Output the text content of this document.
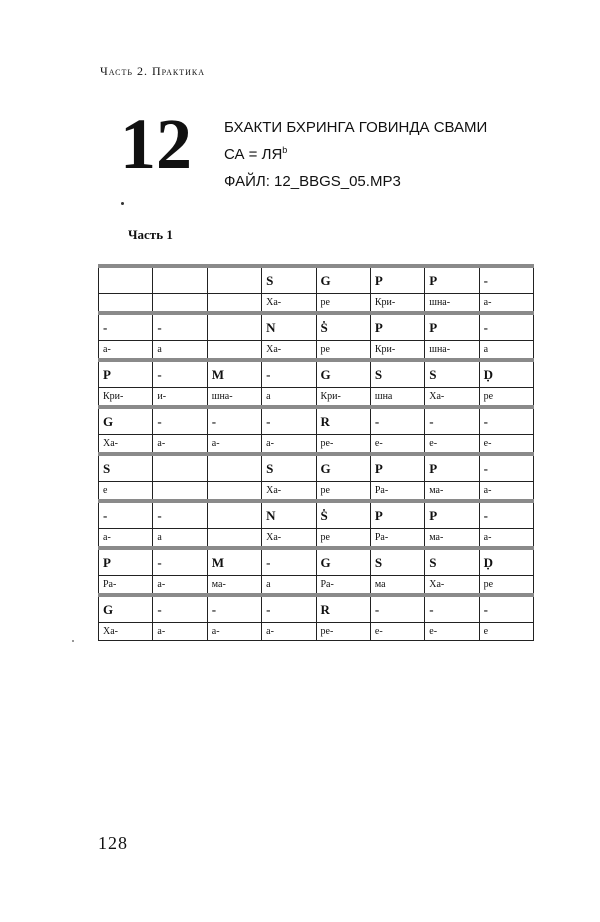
Часть 2. Практика
12 БХАКТИ БХРИНГА ГОВИНДА СВАМИ
СА = $ЛЯ^b$
ФАЙЛ: 12_BBGS_05.MP3
Часть 1
			S	G	P	P	-
			Ха-	ре	Кри-	шна-	а-
-	-		N	Ṡ	P	P	-
а-	а		Ха-	ре	Кри-	шна-	а
P	-	M	-	G	S	S	Ḍ
Кри-	и-	шна-	а	Кри-	шна	Ха-	ре
G	-	-	-	R	-	-	-
Ха-	а-	а-	а-	ре-	е-	е-	е-
S			S	G	P	P	-
е			Ха-	ре	Ра-	ма-	а-
-	-		N	Ṡ	P	P	-
а-	а		Ха-	ре	Ра-	ма-	а-
P	-	M	-	G	S	S	Ḍ
Ра-	а-	ма-	а	Ра-	ма	Ха-	ре
G	-	-	-	R	-	-	-
Ха-	а-	а-	а-	ре-	е-	е-	е
128
